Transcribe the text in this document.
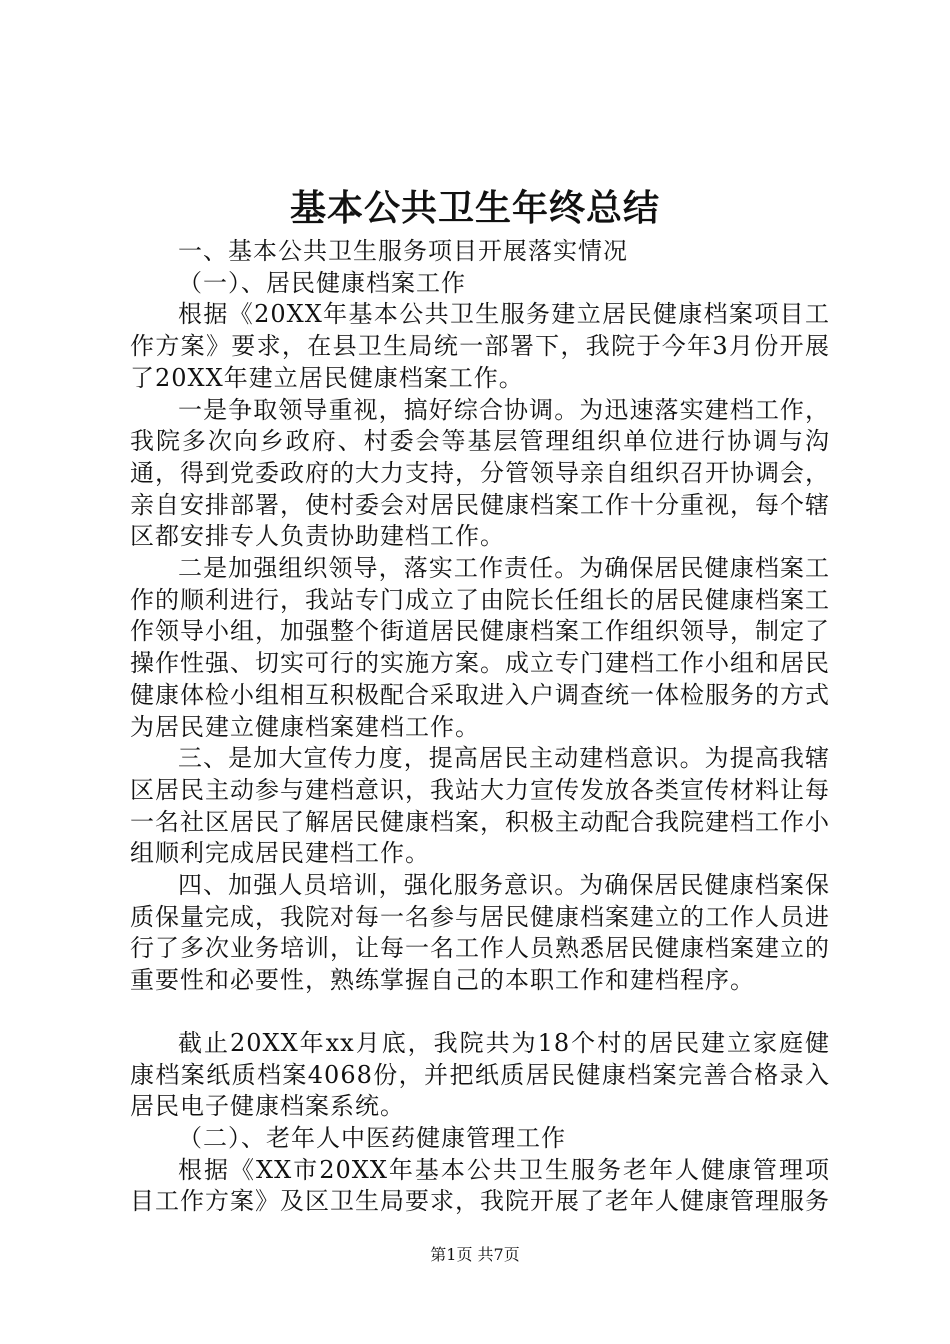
基本公共卫生年终总结

一、基本公共卫生服务项目开展落实情况

（一）、居民健康档案工作

根据《20XX年基本公共卫生服务建立居民健康档案项目工作方案》要求，在县卫生局统一部署下，我院于今年3月份开展了20XX年建立居民健康档案工作。

一是争取领导重视，搞好综合协调。为迅速落实建档工作，我院多次向乡政府、村委会等基层管理组织单位进行协调与沟通，得到党委政府的大力支持，分管领导亲自组织召开协调会，亲自安排部署，使村委会对居民健康档案工作十分重视，每个辖区都安排专人负责协助建档工作。

二是加强组织领导，落实工作责任。为确保居民健康档案工作的顺利进行，我站专门成立了由院长任组长的居民健康档案工作领导小组，加强整个街道居民健康档案工作组织领导，制定了操作性强、切实可行的实施方案。成立专门建档工作小组和居民健康体检小组相互积极配合采取进入户调查统一体检服务的方式为居民建立健康档案建档工作。

三、是加大宣传力度，提高居民主动建档意识。为提高我辖区居民主动参与建档意识，我站大力宣传发放各类宣传材料让每一名社区居民了解居民健康档案，积极主动配合我院建档工作小组顺利完成居民建档工作。

四、加强人员培训，强化服务意识。为确保居民健康档案保质保量完成，我院对每一名参与居民健康档案建立的工作人员进行了多次业务培训，让每一名工作人员熟悉居民健康档案建立的重要性和必要性，熟练掌握自己的本职工作和建档程序。

截止20XX年xx月底，我院共为18个村的居民建立家庭健康档案纸质档案4068份，并把纸质居民健康档案完善合格录入居民电子健康档案系统。

（二）、老年人中医药健康管理工作

根据《XX市20XX年基本公共卫生服务老年人健康管理项目工作方案》及区卫生局要求，我院开展了老年人健康管理服务

第1页 共7页
